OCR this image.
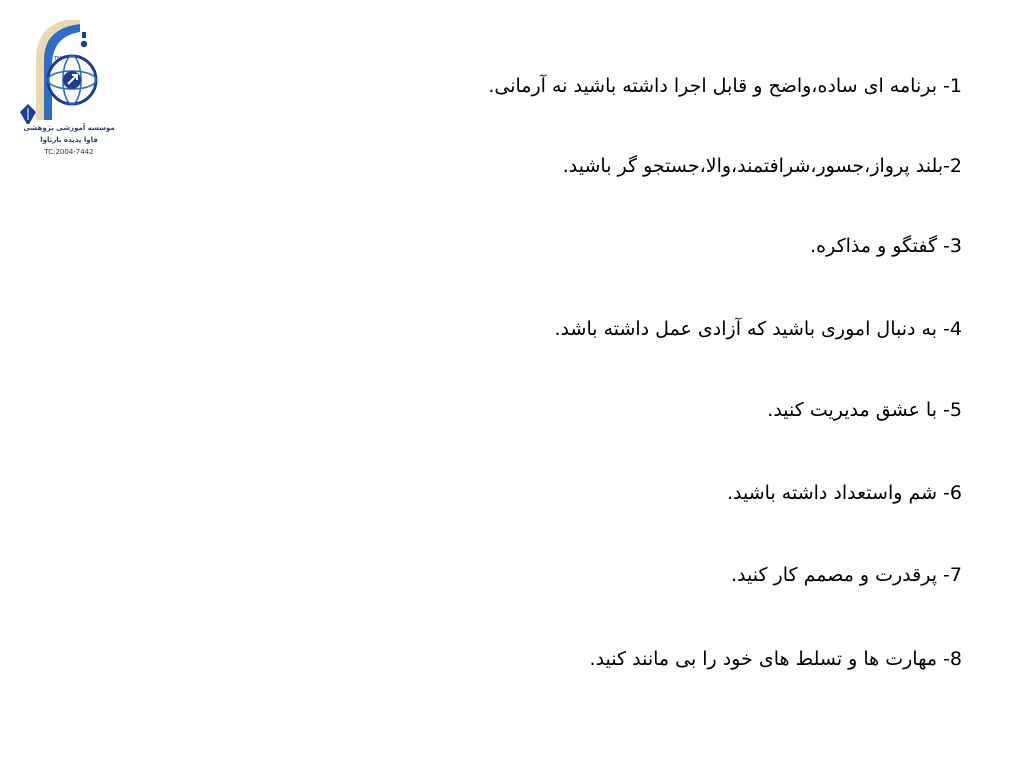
TM
موسسه آموزشی پژوهشی
فاوا پدیده بارثاوا
TC:2004-7442
1- برنامه ای ساده،واضح و قابل اجرا داشته باشید نه آرمانی.
2-بلند پرواز،جسور،شرافتمند،والا،جستجو گر باشید.
3- گفتگو و مذاکره.
4- به دنبال اموری باشید که آزادی عمل داشته باشد.
5- با عشق مدیریت کنید.
6- شم واستعداد داشته باشید.
7- پرقدرت و مصمم کار کنید.
8- مهارت ها و تسلط های خود را بی مانند کنید.
